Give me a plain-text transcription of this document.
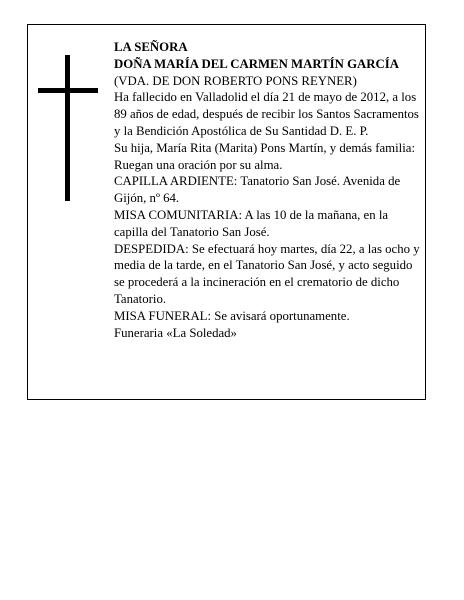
LA SEÑORA

DOÑA MARÍA DEL CARMEN MARTÍN GARCÍA

(VDA. DE DON ROBERTO PONS REYNER)

Ha fallecido en Valladolid el día 21 de mayo de 2012, a los 89 años de edad, después de recibir los Santos Sacramentos y la Bendición Apostólica de Su Santidad D. E. P.

Su hija, María Rita (Marita) Pons Martín, y demás familia:

Ruegan una oración por su alma.

CAPILLA ARDIENTE: Tanatorio San José. Avenida de Gijón, nº 64.

MISA COMUNITARIA: A las 10 de la mañana, en la capilla del Tanatorio San José.

DESPEDIDA: Se efectuará hoy martes, día 22, a las ocho y media de la tarde, en el Tanatorio San José, y acto seguido se procederá a la incineración en el crematorio de dicho Tanatorio.

MISA FUNERAL: Se avisará oportunamente.

Funeraria «La Soledad»
